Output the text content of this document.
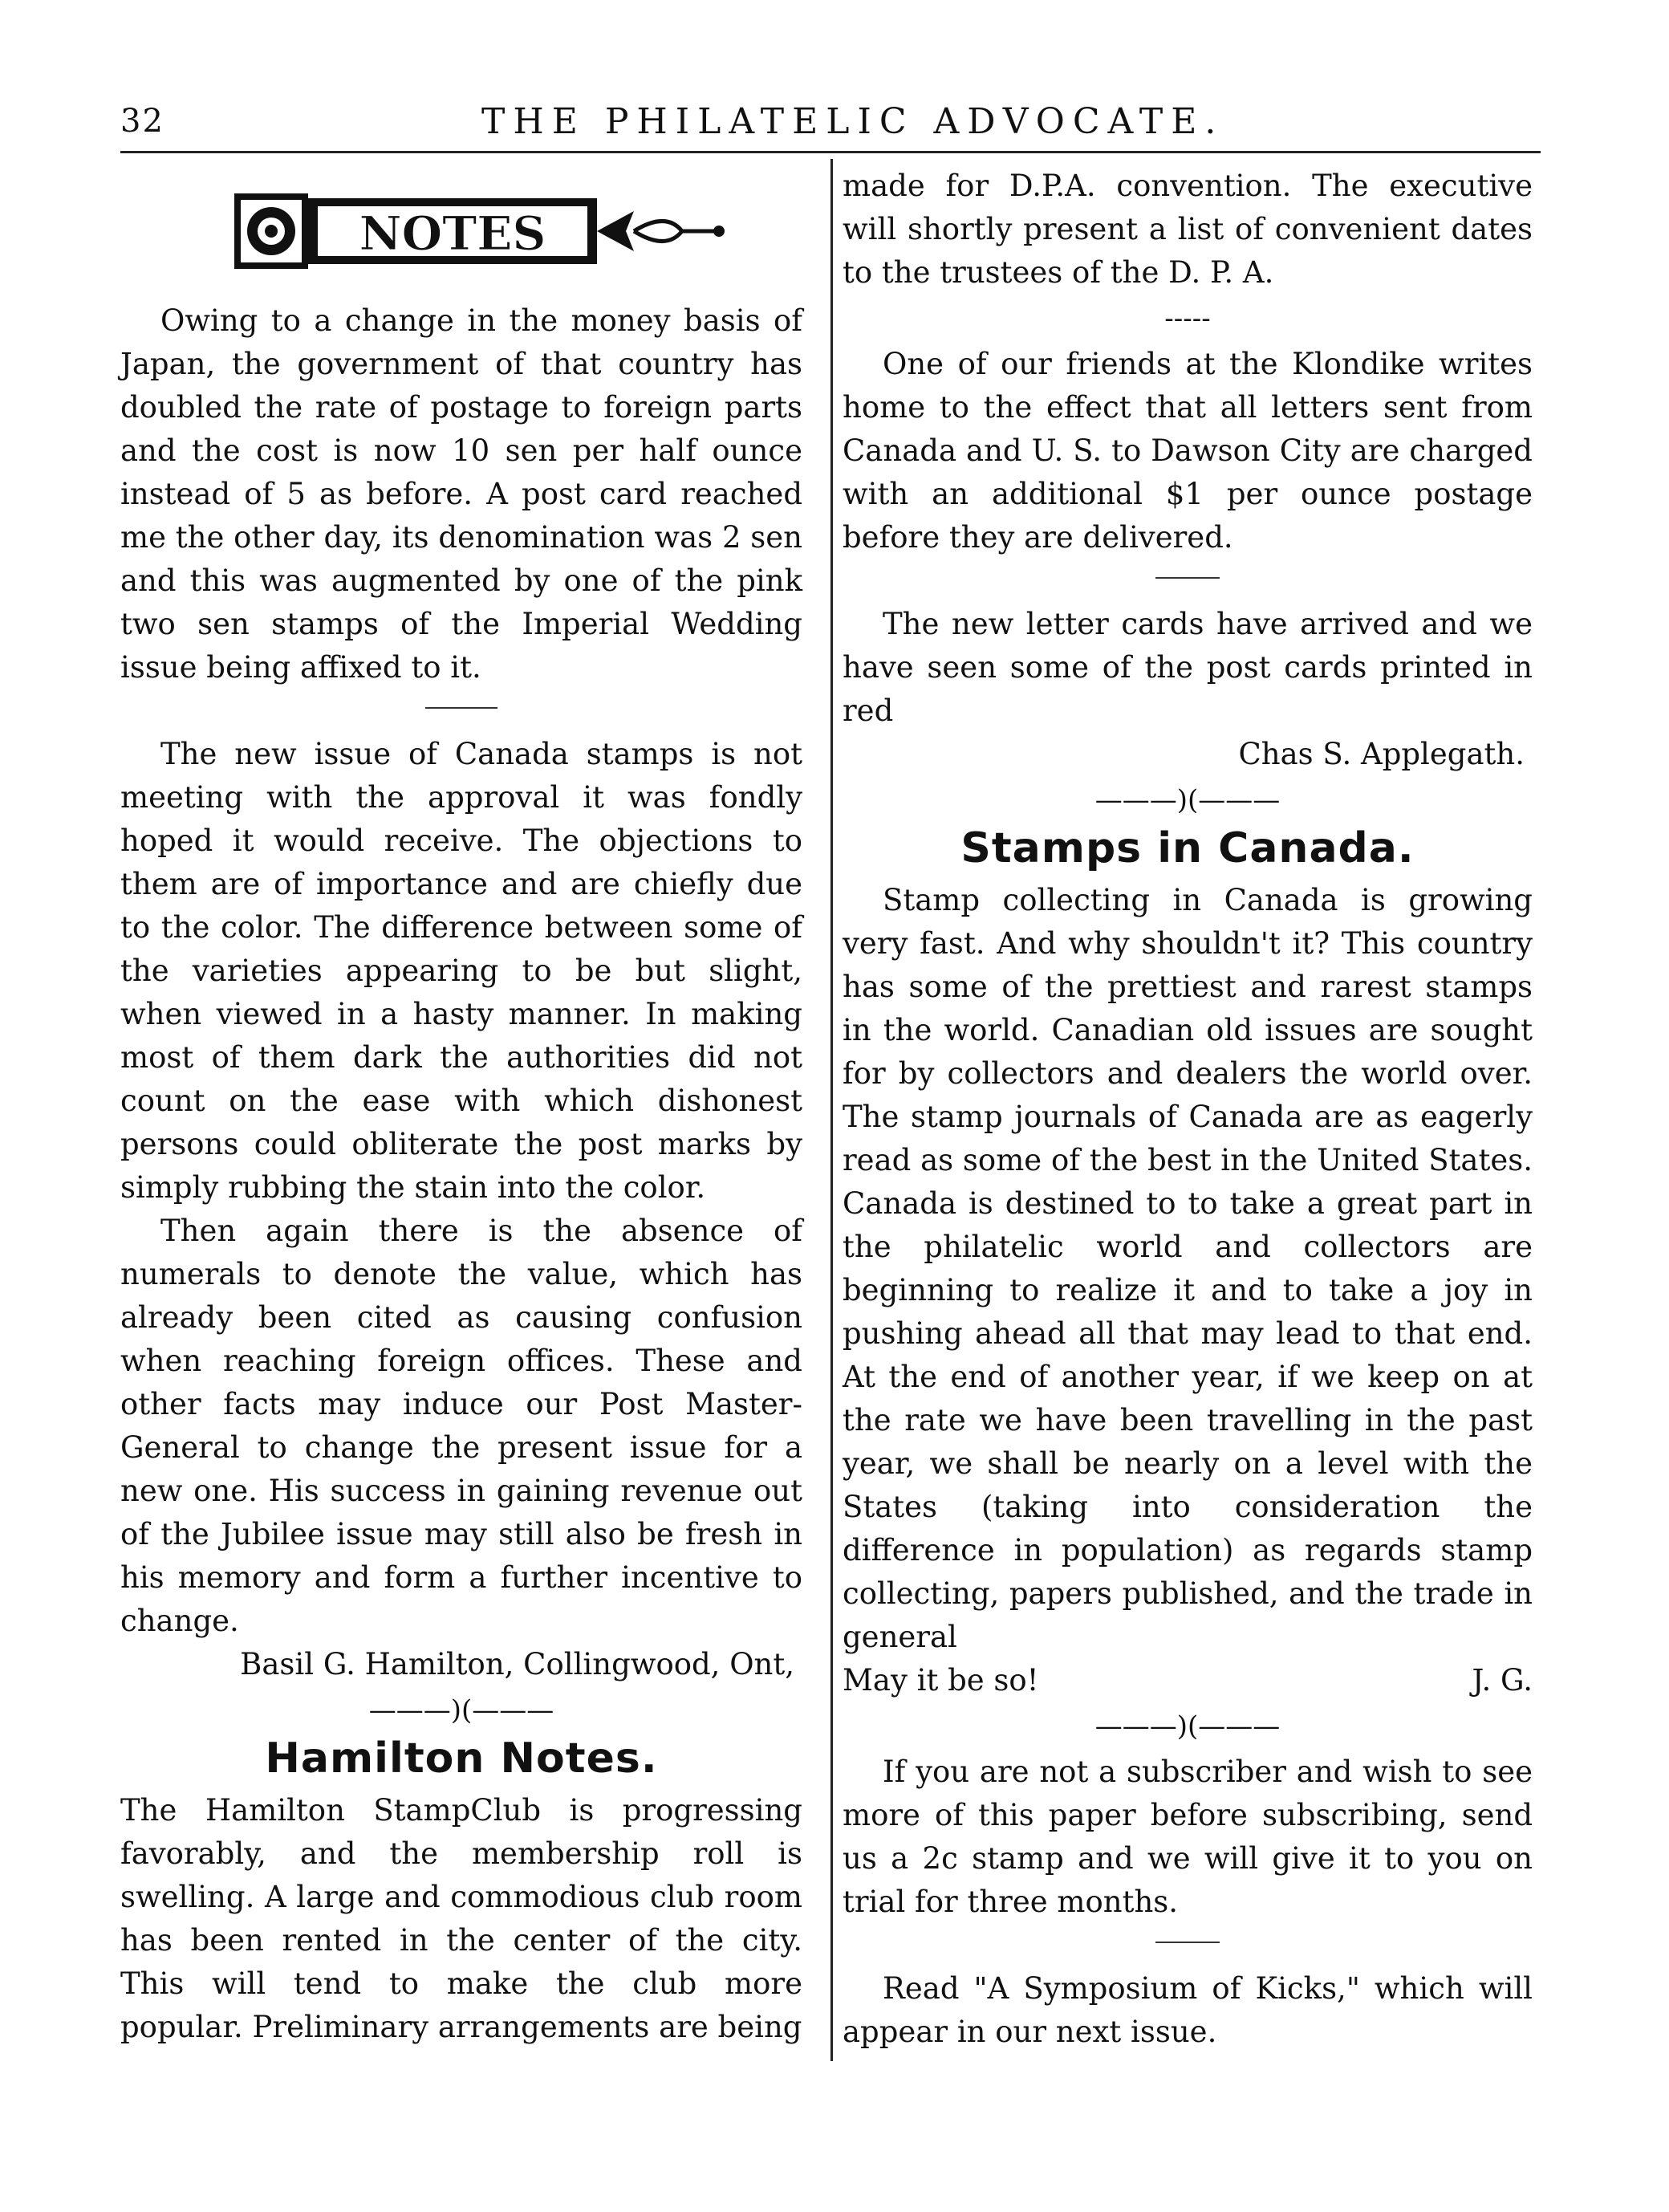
32	THE PHILATELIC ADVOCATE.
NOTES

Owing to a change in the money basis of Japan, the government of that country has doubled the rate of postage to foreign parts and the cost is now 10 sen per half ounce instead of 5 as before. A post card reached me the other day, its denomination was 2 sen and this was augmented by one of the pink two sen stamps of the Imperial Wedding issue being affixed to it.

The new issue of Canada stamps is not meeting with the approval it was fondly hoped it would receive. The objections to them are of importance and are chiefly due to the color. The difference between some of the varieties appearing to be but slight, when viewed in a hasty manner. In making most of them dark the authorities did not count on the ease with which dishonest persons could obliterate the post marks by simply rubbing the stain into the color.

Then again there is the absence of numerals to denote the value, which has already been cited as causing confusion when reaching foreign offices. These and other facts may induce our Post Master-General to change the present issue for a new one. His success in gaining revenue out of the Jubilee issue may still also be fresh in his memory and form a further incentive to change.

Basil G. Hamilton, Collingwood, Ont,
———)(———
Hamilton Notes.

The Hamilton StampClub is progressing favorably, and the membership roll is swelling. A large and commodious club room has been rented in the center of the city. This will tend to make the club more popular. Preliminary arrangements are being

made for D.P.A. convention. The executive will shortly present a list of convenient dates to the trustees of the D. P. A.

-----

One of our friends at the Klondike writes home to the effect that all letters sent from Canada and U. S. to Dawson City are charged with an additional $1 per ounce postage before they are delivered.

The new letter cards have arrived and we have seen some of the post cards printed in red

Chas S. Applegath.
———)(———
Stamps in Canada.

Stamp collecting in Canada is growing very fast. And why shouldn't it? This country has some of the prettiest and rarest stamps in the world. Canadian old issues are sought for by collectors and dealers the world over. The stamp journals of Canada are as eagerly read as some of the best in the United States. Canada is destined to to take a great part in the philatelic world and collectors are beginning to realize it and to take a joy in pushing ahead all that may lead to that end. At the end of another year, if we keep on at the rate we have been travelling in the past year, we shall be nearly on a level with the States (taking into consideration the difference in population) as regards stamp collecting, papers published, and the trade in general

May it be so!	J. G.
———)(———

If you are not a subscriber and wish to see more of this paper before subscribing, send us a 2c stamp and we will give it to you on trial for three months.

Read "A Symposium of Kicks," which will appear in our next issue.
